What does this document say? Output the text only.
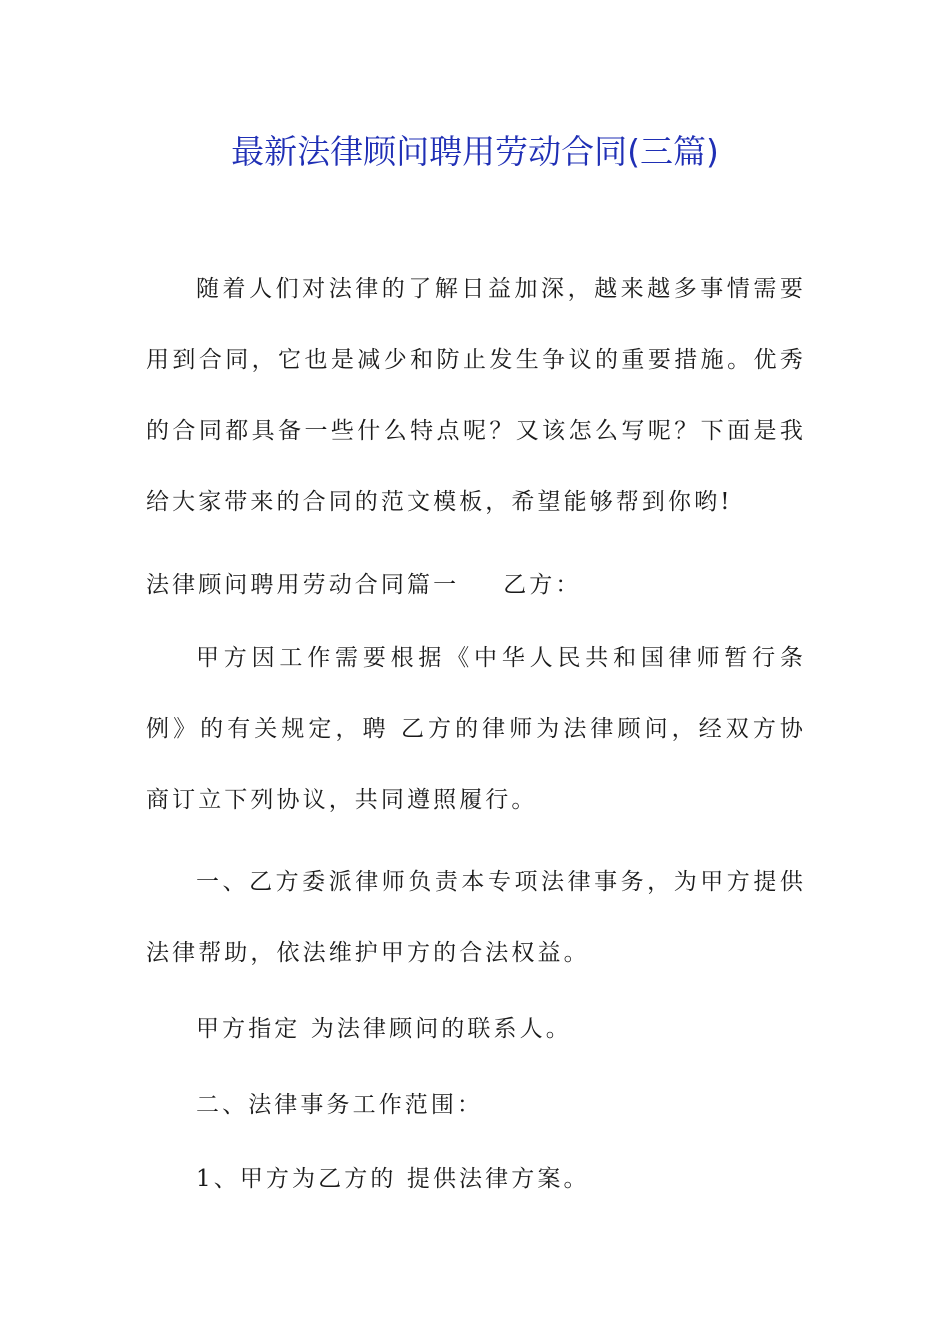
最新法律顾问聘用劳动合同(三篇)

随着人们对法律的了解日益加深，越来越多事情需要用到合同，它也是减少和防止发生争议的重要措施。优秀的合同都具备一些什么特点呢？又该怎么写呢？下面是我给大家带来的合同的范文模板，希望能够帮到你哟!

法律顾问聘用劳动合同篇一 乙方：

甲方因工作需要根据《中华人民共和国律师暂行条例》的有关规定，聘 乙方的律师为法律顾问，经双方协商订立下列协议，共同遵照履行。

一、乙方委派律师负责本专项法律事务，为甲方提供法律帮助，依法维护甲方的合法权益。

甲方指定 为法律顾问的联系人。

二、法律事务工作范围：

1、甲方为乙方的 提供法律方案。
